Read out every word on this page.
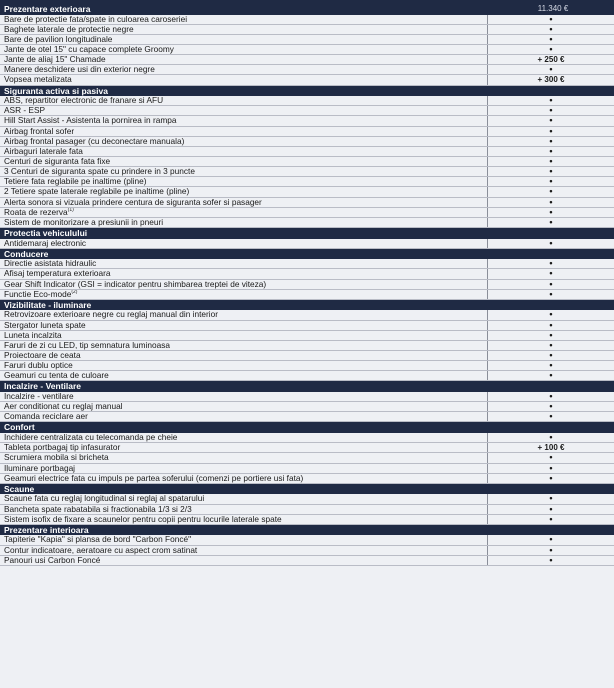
Prezentare exterioara	11.340 €
Bare de protectie fata/spate in culoarea caroseriei	•
Baghete laterale de protectie negre	•
Bare de pavilion longitudinale	•
Jante de otel 15" cu capace complete Groomy	•
Jante de aliaj 15" Chamade	+ 250 €
Manere deschidere usi din exterior negre	•
Vopsea metalizata	+ 300 €
Siguranta activa si pasiva
ABS, repartitor electronic de franare si AFU	•
ASR - ESP	•
Hill Start Assist - Asistenta la pornirea in rampa	•
Airbag frontal sofer	•
Airbag frontal pasager (cu deconectare manuala)	•
Airbaguri laterale fata	•
Centuri de siguranta fata fixe	•
3 Centuri de siguranta spate cu prindere in 3 puncte	•
Tetiere fata reglabile pe inaltime (pline)	•
2 Tetiere spate laterale reglabile pe inaltime (pline)	•
Alerta sonora si vizuala prindere centura de siguranta sofer si pasager	•
Roata de rezerva$^{(1)}$	•
Sistem de monitorizare a presiunii in pneuri	•
Protectia vehiculului
Antidemaraj electronic	•
Conducere
Directie asistata hidraulic	•
Afisaj temperatura exterioara	•
Gear Shift Indicator (GSI = indicator pentru shimbarea treptei de viteza)	•
Functie Eco-mode$^{(2)}$	•
Vizibilitate - iluminare
Retrovizoare exterioare negre cu reglaj manual din interior	•
Stergator luneta spate	•
Luneta incalzita	•
Faruri de zi cu LED, tip semnatura luminoasa	•
Proiectoare de ceata	•
Faruri dublu optice	•
Geamuri cu tenta de culoare	•
Incalzire - Ventilare
Incalzire - ventilare	•
Aer conditionat cu reglaj manual	•
Comanda reciclare aer	•
Confort
Inchidere centralizata cu telecomanda pe cheie	•
Tableta portbagaj tip infasurator	+ 100 €
Scrumiera mobila si bricheta	•
Iluminare portbagaj	•
Geamuri electrice fata cu impuls pe partea soferului (comenzi pe portiere usi fata)	•
Scaune
Scaune fata cu reglaj longitudinal si reglaj al spatarului	•
Bancheta spate rabatabila si fractionabila 1/3 si 2/3	•
Sistem isofix de fixare a scaunelor pentru copii pentru locurile laterale spate	•
Prezentare interioara
Tapiterie "Kapia" si plansa de bord "Carbon Foncé"	•
Contur indicatoare, aeratoare cu aspect crom satinat	•
Panouri usi Carbon Foncé	•
